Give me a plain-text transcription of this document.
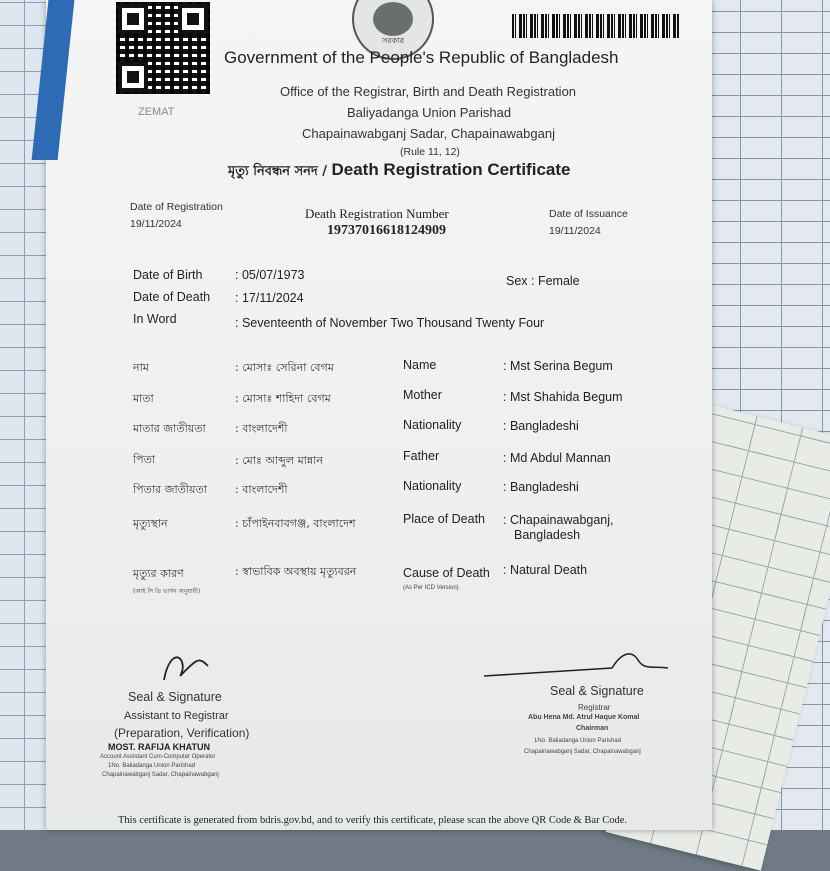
ZEMAT
সরকার
Government of the People's Republic of Bangladesh
Office of the Registrar, Birth and Death Registration
Baliyadanga Union Parishad
Chapainawabganj Sadar, Chapainawabganj
(Rule 11, 12)
মৃত্যু নিবন্ধন সনদ / Death Registration Certificate
Date of Registration
19/11/2024
Death Registration Number
19737016618124909
Date of Issuance
19/11/2024
Date of Birth	: 05/07/1973
Date of Death : 17/11/2024
In Word	: Seventeenth of November Two Thousand Twenty Four
Sex : Female
নাম	: মোসাঃ সেরিনা বেগম	Name	: Mst Serina Begum
মাতা	: মোসাঃ শাহিদা বেগম	Mother	: Mst Shahida Begum
মাতার জাতীয়তা	: বাংলাদেশী	Nationality	: Bangladeshi
পিতা	: মোঃ আব্দুল মান্নান	Father	: Md Abdul Mannan
পিতার জাতীয়তা	: বাংলাদেশী	Nationality	: Bangladeshi
মৃত্যুস্থান	: চাঁপাইনবাবগঞ্জ, বাংলাদেশ	Place of Death : Chapainawabganj,
Bangladesh
মৃত্যুর কারণ	: স্বাভাবিক অবস্থায় মৃত্যুবরন	Cause of Death : Natural Death
(আই সি ডি ভার্সন অনুযায়ী)	(As Per ICD Version)
Seal & Signature
Assistant to Registrar
(Preparation, Verification)
MOST. RAFIJA KHATUN
Account Assistant Cum-Computer Operator
1No. Baliadanga Union Parishad
Chapainawabganj Sadar, Chapainawabganj
Seal & Signature
Registrar
Abu Hena Md. Atrul Haque Komal
Chairman
1No. Baliadanga Union Parishad
Chapainawabganj Sadar, Chapainawabganj
This certificate is generated from bdris.gov.bd, and to verify this certificate, please scan the above QR Code & Bar Code.
